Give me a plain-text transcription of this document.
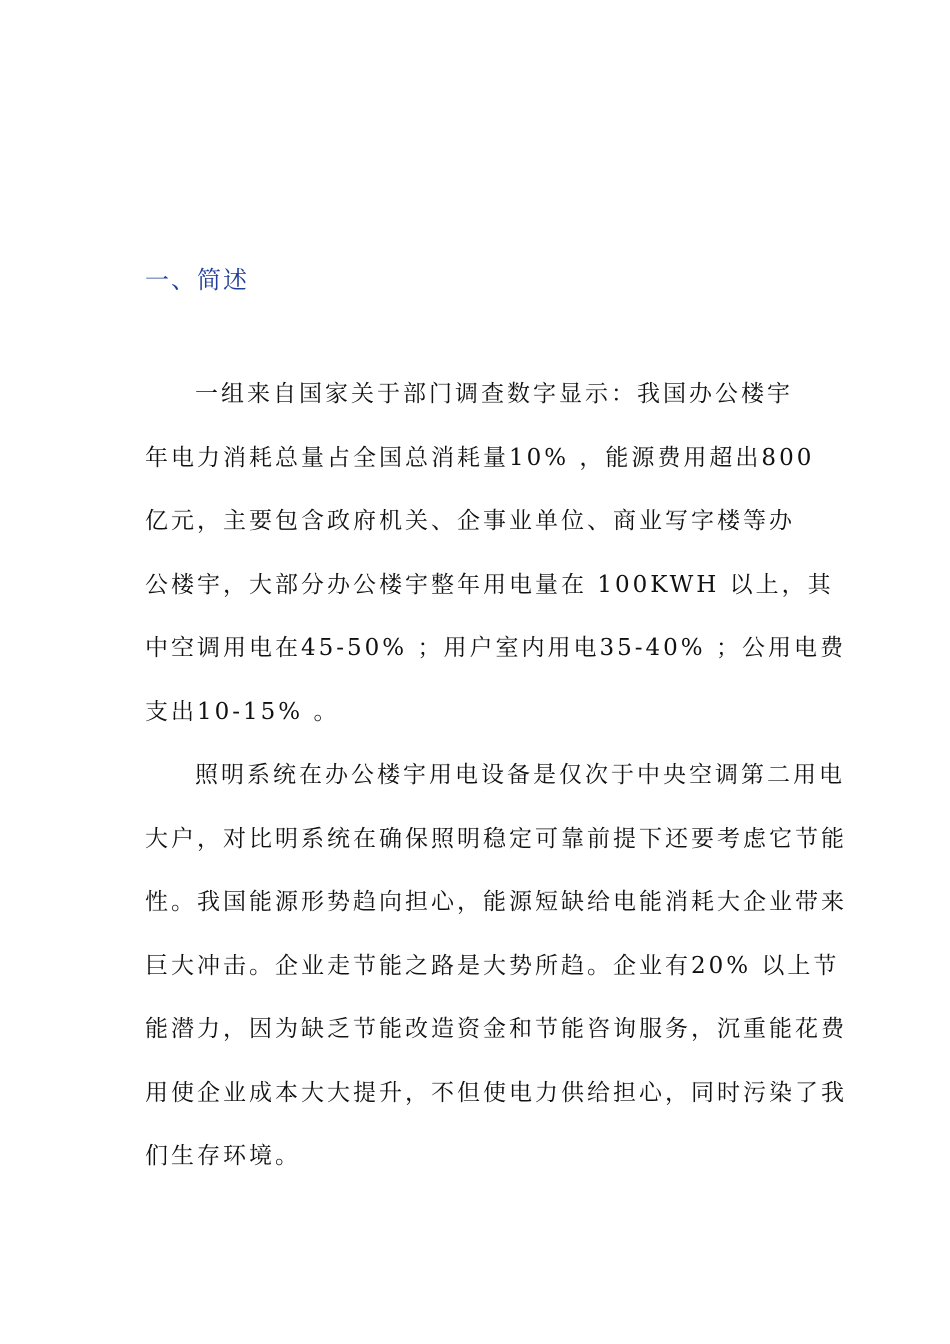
一、简述
一组来自国家关于部门调查数字显示：我国办公楼宇
年电力消耗总量占全国总消耗量10% ，能源费用超出800
亿元，主要包含政府机关、企事业单位、商业写字楼等办
公楼宇，大部分办公楼宇整年用电量在 100KWH 以上，其
中空调用电在45-50% ；用户室内用电35-40% ；公用电费
支出10-15% 。
照明系统在办公楼宇用电设备是仅次于中央空调第二用电
大户，对比明系统在确保照明稳定可靠前提下还要考虑它节能
性。我国能源形势趋向担心，能源短缺给电能消耗大企业带来
巨大冲击。企业走节能之路是大势所趋。企业有20% 以上节
能潜力，因为缺乏节能改造资金和节能咨询服务，沉重能花费
用使企业成本大大提升，不但使电力供给担心，同时污染了我
们生存环境。
